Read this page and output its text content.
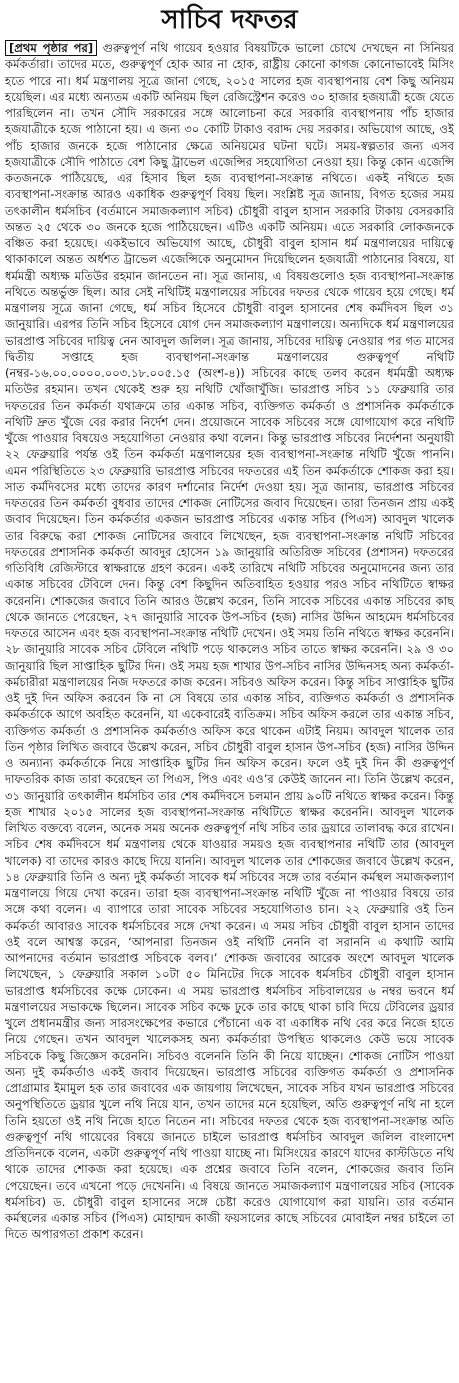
সাচিব দফতর

[প্রথম পৃষ্ঠার পর] গুরুত্বপূর্ণ নথি গায়েব হওয়ার বিষয়টিকে ভালো চোখে দেখছেন না সিনিয়র কর্মকর্তারা। তাদের মতে, গুরুত্বপূর্ণ হোক আর না হোক, রাষ্ট্রীয় কোনো কাগজ কোনোভাবেই মিসিং হতে পারে না। ধর্ম মন্ত্রণালয় সূত্রে জানা গেছে, ২০১৫ সালের হজ ব্যবস্থাপনায় বেশ কিছু অনিয়ম হয়েছিল। এর মধ্যে অন্যতম একটি অনিয়ম ছিল রেজিস্ট্রেশন করেও ৩০ হাজার হজযাত্রী হজে যেতে পারছিলেন না। তখন সৌদি সরকারের সঙ্গে আলোচনা করে সরকারি ব্যবস্থাপনায় পাঁচ হাজার হজযাত্রীকে হজে পাঠানো হয়। এ জন্য ৩০ কোটি টাকাও বরাদ্দ দেয় সরকার। অভিযোগ আছে, ওই পাঁচ হাজার জনকে হজে পাঠানোর ক্ষেত্রে অনিয়মের ঘটনা ঘটে। সময়-স্বল্পতার জন্য এসব হজযাত্রীকে সৌদি পাঠাতে বেশ কিছু ট্রাভেল এজেন্সির সহযোগিতা নেওয়া হয়। কিন্তু কোন এজেন্সি কতজনকে পাঠিয়েছে, এর হিসাব ছিল হজ ব্যবস্থাপনা-সংক্রান্ত নথিতে। একই নথিতে হজ ব্যবস্থাপনা-সংক্রান্ত আরও একাধিক গুরুত্বপূর্ণ বিষয় ছিল। সংশ্লিষ্ট সূত্র জানায়, বিগত হজের সময় তৎকালীন ধর্মসচিব (বর্তমানে সমাজকল্যাণ সচিব) চৌধুরী বাবুল হাসান সরকারি টাকায় বেসরকারি অন্তত ২৫ থেকে ৩০ জনকে হজে পাঠিয়েছেন। এটিও একটি অনিয়ম। এতে সরকারি লোকজনকে বঞ্চিত করা হয়েছে। একইভাবে অভিযোগ আছে, চৌধুরী বাবুল হাসান ধর্ম মন্ত্রণালয়ের দায়িত্বে থাকাকালে অন্তত অর্ধশত ট্রাভেল এজেন্সিকে অনুমোদন দিয়েছিলেন হজযাত্রী পাঠানোর বিষয়ে, যা ধর্মমন্ত্রী অধ্যক্ষ মতিউর রহমান জানতেন না। সূত্র জানায়, এ বিষয়গুলোও হজ ব্যবস্থাপনা-সংক্রান্ত নথিতে অন্তর্ভুক্ত ছিল। আর সেই নথিটিই মন্ত্রণালয়ের সচিবের দফতর থেকে গায়েব হয়ে গেছে। ধর্ম মন্ত্রণালয় সূত্রে জানা গেছে, ধর্ম সচিব হিসেবে চৌধুরী বাবুল হাসানের শেষ কর্মদিবস ছিল ৩১ জানুয়ারি। এরপর তিনি সচিব হিসেবে যোগ দেন সমাজকল্যাণ মন্ত্রণালয়ে। অন্যদিকে ধর্ম মন্ত্রণালয়ের ভারপ্রাপ্ত সচিবের দায়িত্ব নেন আবদুল জলিল। সূত্র জানায়, সচিবের দায়িত্ব নেওয়ার পর গত মাসের দ্বিতীয় সপ্তাহে হজ ব্যবস্থাপনা-সংক্রান্ত মন্ত্রণালয়ের গুরুত্বপূর্ণ নথিটি (নম্বর-১৬.০০.০০০০.০০৩.১৮.০০৫.১৫ (অংশ-৪)) সচিবের কাছে তলব করেন ধর্মমন্ত্রী অধ্যক্ষ মতিউর রহমান। তখন থেকেই শুরু হয় নথিটি খোঁজাখুঁজি। ভারপ্রাপ্ত সচিব ১১ ফেব্রুয়ারি তার দফতরের তিন কর্মকর্তা যথাক্রমে তার একান্ত সচিব, ব্যক্তিগত কর্মকর্তা ও প্রশাসনিক কর্মকর্তাকে নথিটি দ্রুত খুঁজে বের করার নির্দেশ দেন। প্রয়োজনে সাবেক সচিবের সঙ্গে যোগাযোগ করে নথিটি খুঁজে পাওয়ার বিষয়েও সহযোগিতা নেওয়ার কথা বলেন। কিন্তু ভারপ্রাপ্ত সচিবের নির্দেশনা অনুযায়ী ২২ ফেব্রুয়ারি পর্যন্ত ওই তিন কর্মকর্তা মন্ত্রণালয়ের হজ ব্যবস্থাপনা-সংক্রান্ত নথিটি খুঁজে পাননি। এমন পরিস্থিতিতে ২৩ ফেব্রুয়ারি ভারপ্রাপ্ত সচিবের দফতরের এই তিন কর্মকর্তাকে শোকজ করা হয়। সাত কর্মদিবসের মধ্যে তাদের কারণ দর্শানোর নির্দেশ দেওয়া হয়। সূত্র জানায়, ভারপ্রাপ্ত সচিবের দফতরের তিন কর্মকর্তা বুধবার তাদের শোকজ নোটিসের জবাব দিয়েছেন। তারা তিনজন প্রায় একই জবাব দিয়েছেন। তিন কর্মকর্তার একজন ভারপ্রাপ্ত সচিবের একান্ত সচিব (পিএস) আবদুল খালেক তার বিরুদ্ধে করা শোকজ নোটিসের জবাবে লিখেছেন, হজ ব্যবস্থাপনা-সংক্রান্ত নথিটি সচিবের দফতরের প্রশাসনিক কর্মকর্তা আবদুর হোসেন ১৯ জানুয়ারি অতিরিক্ত সচিবের (প্রশাসন) দফতরের গতিবিধি রেজিস্টারে স্বাক্ষরান্তে গ্রহণ করেন। একই তারিখে নথিটি সচিবের অনুমোদনের জন্য তার একান্ত সচিবের টেবিলে দেন। কিন্তু বেশ কিছুদিন অতিবাহিত হওয়ার পরও সচিব নথিটিতে স্বাক্ষর করেননি। শোকজের জবাবে তিনি আরও উল্লেখ করেন, তিনি সাবেক সচিবের একান্ত সচিবের কাছ থেকে জানতে পেরেছেন, ২৭ জানুয়ারি সাবেক উপ-সচিব (হজ) নাসির উদ্দিন আহমেদ ধর্মসচিবের দফতরে আসেন এবং হজ ব্যবস্থাপনা-সংক্রান্ত নথিটি দেখেন। ওই সময় তিনি নথিতে স্বাক্ষর করেননি। ২৮ জানুয়ারি সাবেক সচিব টেবিলে নথিটি পড়ে থাকলেও সচিব তাতে স্বাক্ষর করেননি। ২৯ ও ৩০ জানুয়ারি ছিল সাপ্তাহিক ছুটির দিন। ওই সময় হজ শাখার উপ-সচিব নাসির উদ্দিনসহ অন্য কর্মকর্তা-কর্মচারীরা মন্ত্রণালয়ের নিজ দফতরে কাজ করেন। সচিবও অফিস করেন। কিন্তু সচিব সাপ্তাহিক ছুটির ওই দুই দিন অফিস করবেন কি না সে বিষয়ে তার একান্ত সচিব, ব্যক্তিগত কর্মকর্তা ও প্রশাসনিক কর্মকর্তাকে আগে অবহিত করেননি, যা একেবারেই ব্যতিক্রম। সচিব অফিস করলে তার একান্ত সচিব, ব্যক্তিগত কর্মকর্তা ও প্রশাসনিক কর্মকর্তাও অফিস করে থাকেন এটাই নিয়ম। আবদুল খালেক তার তিন পৃষ্ঠার লিখিত জবাবে উল্লেখ করেন, সচিব চৌধুরী বাবুল হাসান উপ-সচিব (হজ) নাসির উদ্দিন ও অন্যান্য কর্মকর্তাকে নিয়ে সাপ্তাহিক ছুটির দিন অফিস করেন। ফলে ওই দুই দিন কী গুরুত্বপূর্ণ দাফতরিক কাজ তারা করেছেন তা পিএস, পিও এবং এও’র কেউই জানেন না। তিনি উল্লেখ করেন, ৩১ জানুয়ারি তৎকালীন ধর্মসচিব তার শেষ কর্মদিবসে চলমান প্রায় ৯০টি নথিতে স্বাক্ষর করেন। কিন্তু হজ শাখার ২০১৫ সালের হজ ব্যবস্থাপনা-সংক্রান্ত নথিটিতে স্বাক্ষর করেননি। আবদুল খালেক লিখিত বক্তব্যে বলেন, অনেক সময় অনেক গুরুত্বপূর্ণ নথি সচিব তার ড্রয়ারে তালাবদ্ধ করে রাখেন। সচিব শেষ কর্মদিবসে ধর্ম মন্ত্রণালয় থেকে যাওয়ার সময়ও হজ ব্যবস্থাপনার নথিটি তার (আবদুল খালেক) বা তাদের কারও কাছে দিয়ে যাননি। আবদুল খালেক তার শোকজের জবাবে উল্লেখ করেন, ১৪ ফেব্রুয়ারি তিনি ও অন্য দুই কর্মকর্তা সাবেক ধর্ম সচিবের সঙ্গে তার বর্তমান কর্মস্থল সমাজকল্যাণ মন্ত্রণালয়ে গিয়ে দেখা করেন। তারা হজ ব্যবস্থাপনা-সংক্রান্ত নথিটি খুঁজে না পাওয়ার বিষয়ে তার সঙ্গে কথা বলেন। এ ব্যাপারে তারা সাবেক সচিবের সহযোগিতাও চান। ২২ ফেব্রুয়ারি ওই তিন কর্মকর্তা আবারও সাবেক ধর্মসচিবের সঙ্গে দেখা করেন। এ সময় সচিব চৌধুরী বাবুল হাসান তাদের ওই বলে আশ্বস্ত করেন, ‘আপনারা তিনজন ওই নথিটি নেননি বা সরাননি এ কথাটি আমি আপনাদের বর্তমান ভারপ্রাপ্ত সচিবকে বলব।’ শোকজ জবাবের আরেক অংশে আবদুল খালেক লিখেছেন, ১ ফেব্রুয়ারি সকাল ১০টা ৫০ মিনিটের দিকে সাবেক ধর্মসচিব চৌধুরী বাবুল হাসান ভারপ্রাপ্ত ধর্মসচিবের কক্ষে ঢোকেন। এ সময় ভারপ্রাপ্ত ধর্মসচিব সচিবালয়ের ৬ নম্বর ভবনে ধর্ম মন্ত্রণালয়ের সভাকক্ষে ছিলেন। সাবেক সচিব কক্ষে ঢুকে তার কাছে থাকা চাবি দিয়ে টেবিলের ড্রয়ার খুলে প্রধানমন্ত্রীর জন্য সারসংক্ষেপের কভারে পেঁচানো এক বা একাধিক নথি বের করে নিজে হাতে নিয়ে গেছেন। তখন আবদুল খালেকসহ অন্য কর্মকর্তারা উপস্থিত থাকলেও কেউ ভয়ে সাবেক সচিবকে কিছু জিজ্ঞেস করেননি। সচিবও বলেননি তিনি কী নিয়ে যাচ্ছেন। শোকজ নোটিস পাওয়া অন্য দুই কর্মকর্তাও একই জবাব দিয়েছেন। ভারপ্রাপ্ত সচিবের ব্যক্তিগত কর্মকর্তা ও প্রশাসনিক প্রোগ্রামার ইমামুল হক তার জবাবের এক জায়গায় লিখেছেন, সাবেক সচিব যখন ভারপ্রাপ্ত সচিবের অনুপস্থিতিতে ড্রয়ার খুলে নথি নিয়ে যান, তখন তাদের মনে হয়েছিল, অতি গুরুত্বপূর্ণ নথি না হলে তিনি হয়তো ওই নথি নিজে হাতে নিতেন না। সচিবের দফতর থেকে হজ ব্যবস্থাপনা-সংক্রান্ত অতি গুরুত্বপূর্ণ নথি গায়েবের বিষয়ে জানতে চাইলে ভারপ্রাপ্ত ধর্মসচিব আবদুল জলিল বাংলাদেশ প্রতিদিনকে বলেন, একটা গুরুত্বপূর্ণ নথি পাওয়া যাচ্ছে না। মিসিংয়ের কারণে যাদের কাস্টডিতে নথি থাকে তাদের শোকজ করা হয়েছে। এক প্রশ্নের জবাবে তিনি বলেন, শোকজের জবাব তিনি পেয়েছেন। তবে এখনো পড়ে দেখেননি। এ বিষয়ে জানতে সমাজকল্যাণ মন্ত্রণালয়ের সচিব (সাবেক ধর্মসচিব) ড. চৌধুরী বাবুল হাসানের সঙ্গে চেষ্টা করেও যোগাযোগ করা যায়নি। তার বর্তমান কর্মস্থলের একান্ত সচিব (পিএস) মোহাম্মদ কাজী ফয়সালের কাছে সচিবের মোবাইল নম্বর চাইলে তা দিতে অপারগতা প্রকাশ করেন।
